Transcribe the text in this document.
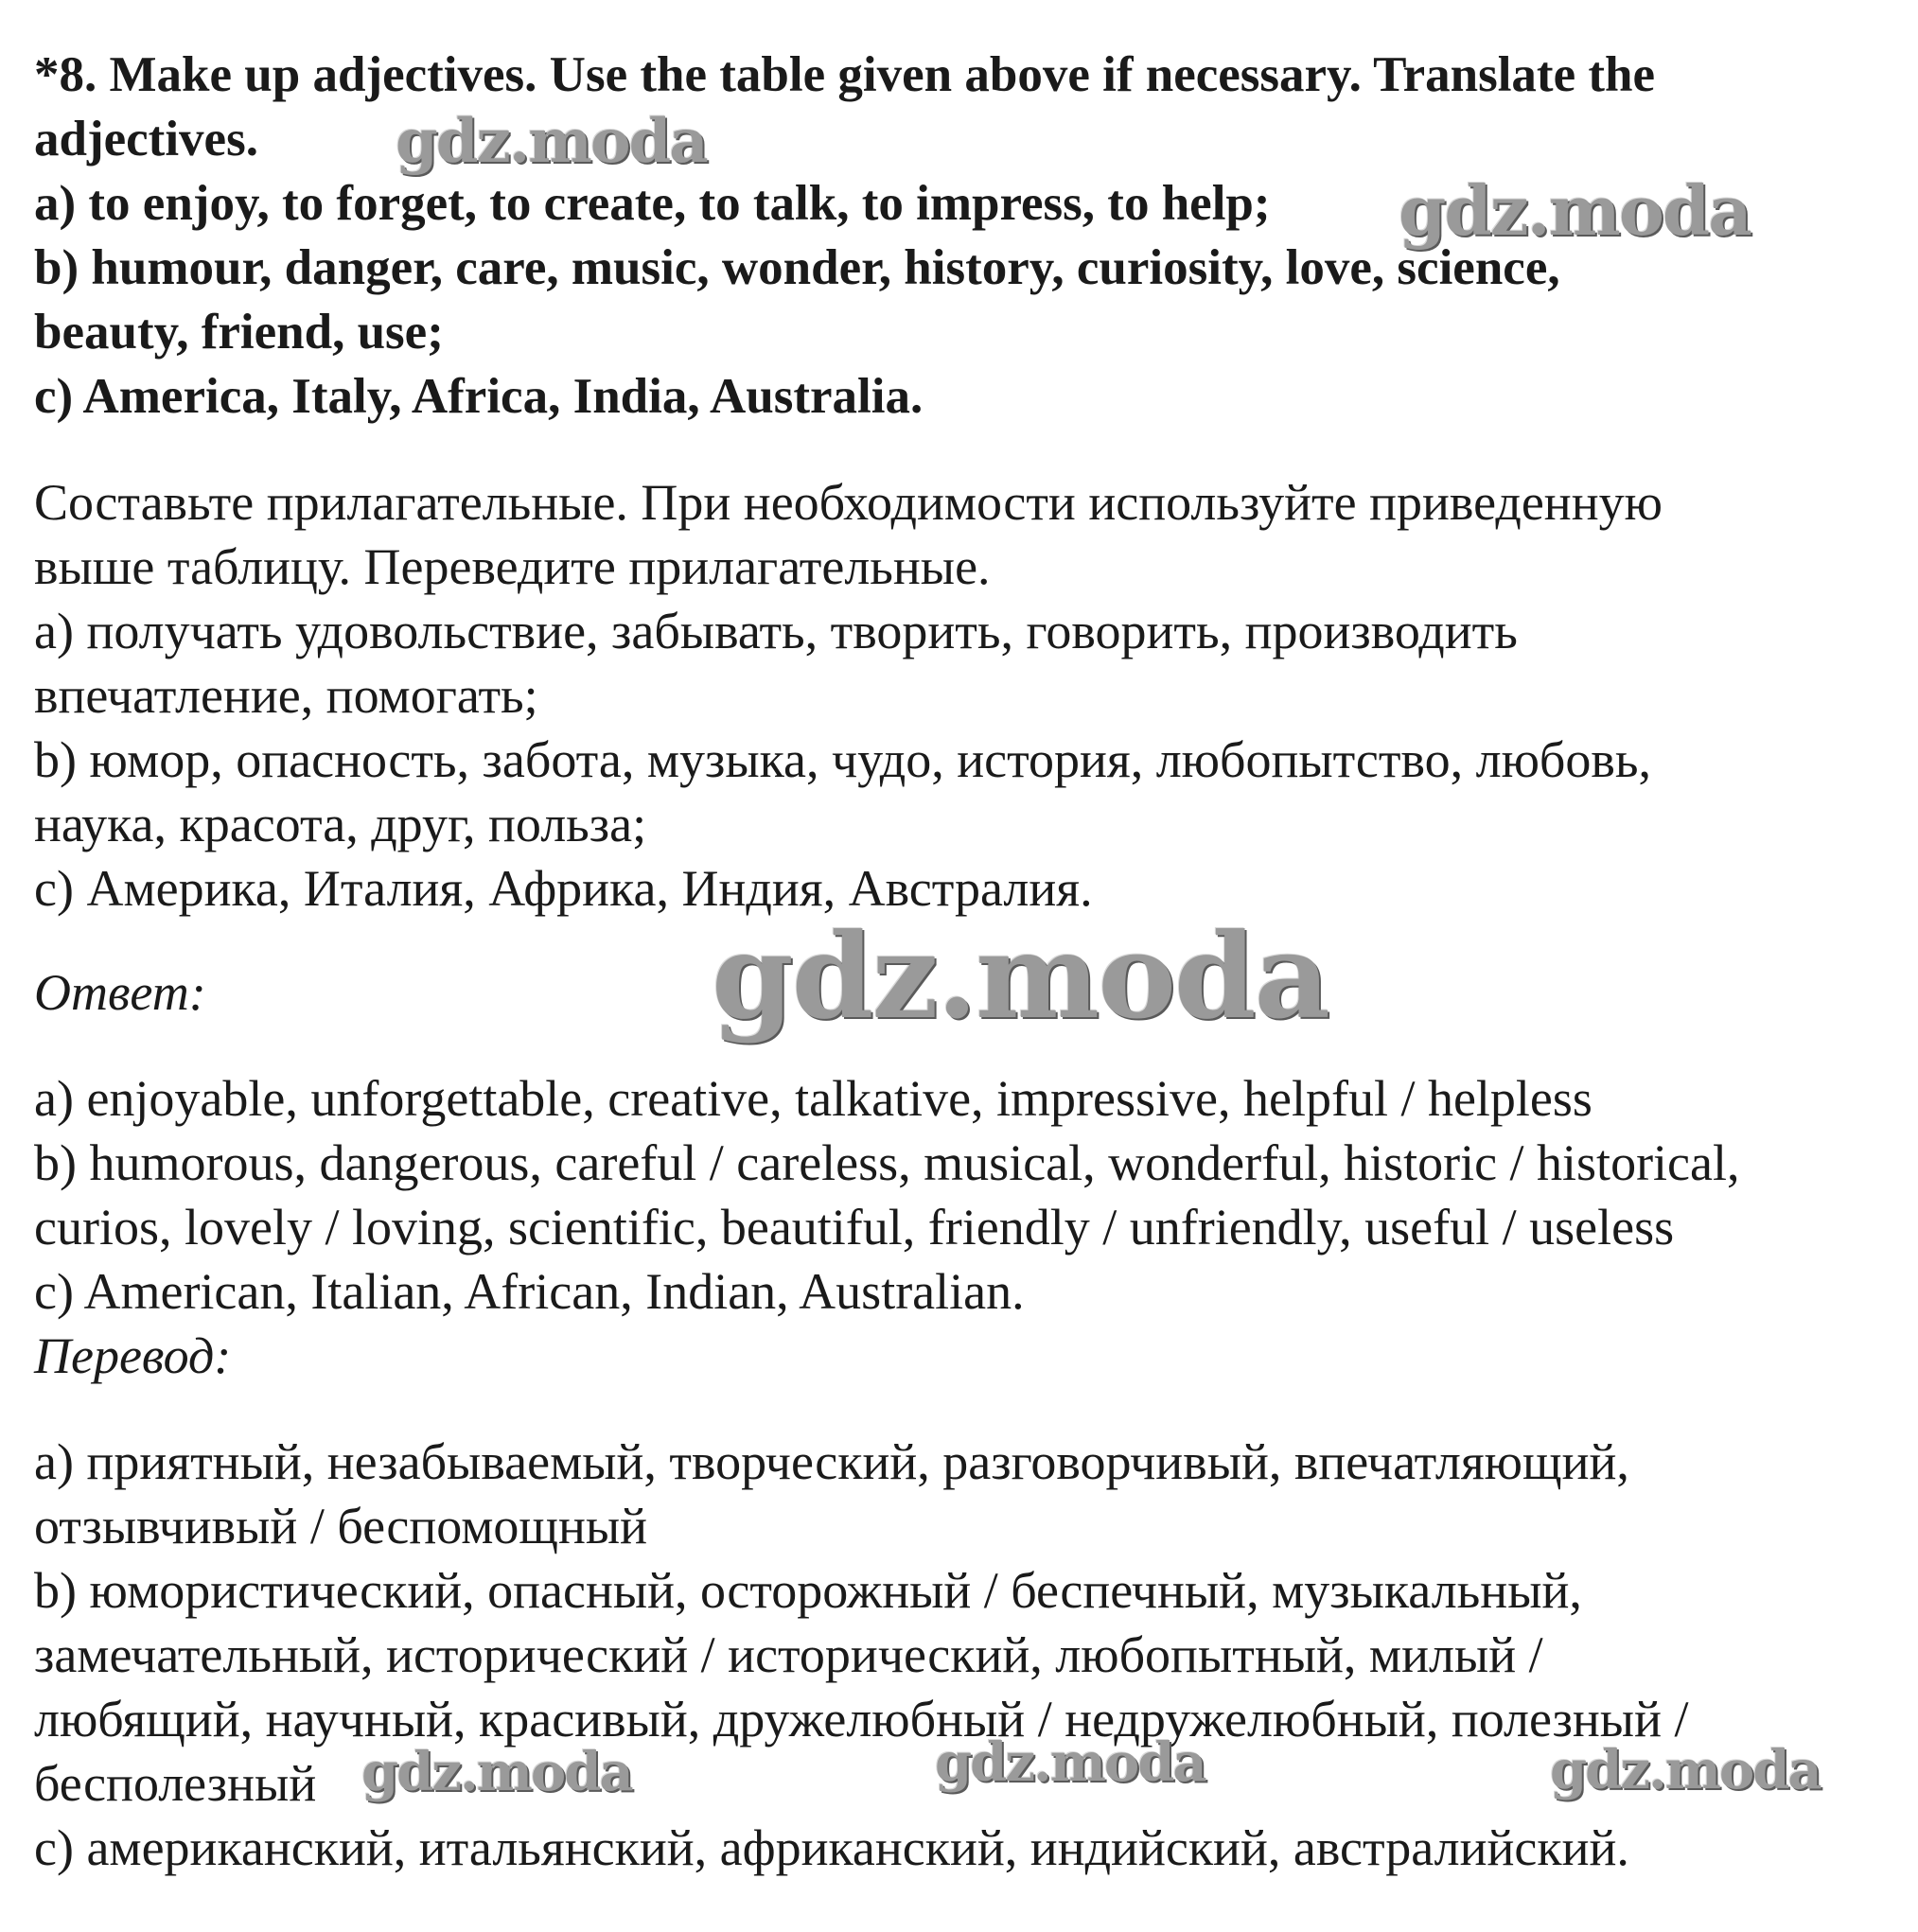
*8. Make up adjectives. Use the table given above if necessary. Translate the
adjectives.
a) to enjoy, to forget, to create, to talk, to impress, to help;
b) humour, danger, care, music, wonder, history, curiosity, love, science,
beauty, friend, use;
c) America, Italy, Africa, India, Australia.
Составьте прилагательные. При необходимости используйте приведенную
выше таблицу. Переведите прилагательные.
a) получать удовольствие, забывать, творить, говорить, производить
впечатление, помогать;
b) юмор, опасность, забота, музыка, чудо, история, любопытство, любовь,
наука, красота, друг, польза;
c) Америка, Италия, Африка, Индия, Австралия.
Ответ:
a) enjoyable, unforgettable, creative, talkative, impressive, helpful / helpless
b) humorous, dangerous, careful / careless, musical, wonderful, historic / historical,
curios, lovely / loving, scientific, beautiful, friendly / unfriendly, useful / useless
c) American, Italian, African, Indian, Australian.
Перевод:
a) приятный, незабываемый, творческий, разговорчивый, впечатляющий,
отзывчивый / беспомощный
b) юмористический, опасный, осторожный / беспечный, музыкальный,
замечательный, исторический / исторический, любопытный, милый /
любящий, научный, красивый, дружелюбный / недружелюбный, полезный /
бесполезный
c) американский, итальянский, африканский, индийский, австралийский.
gdz.moda
gdz.moda
gdz.moda
gdz.moda	gdz.moda	gdz.moda
